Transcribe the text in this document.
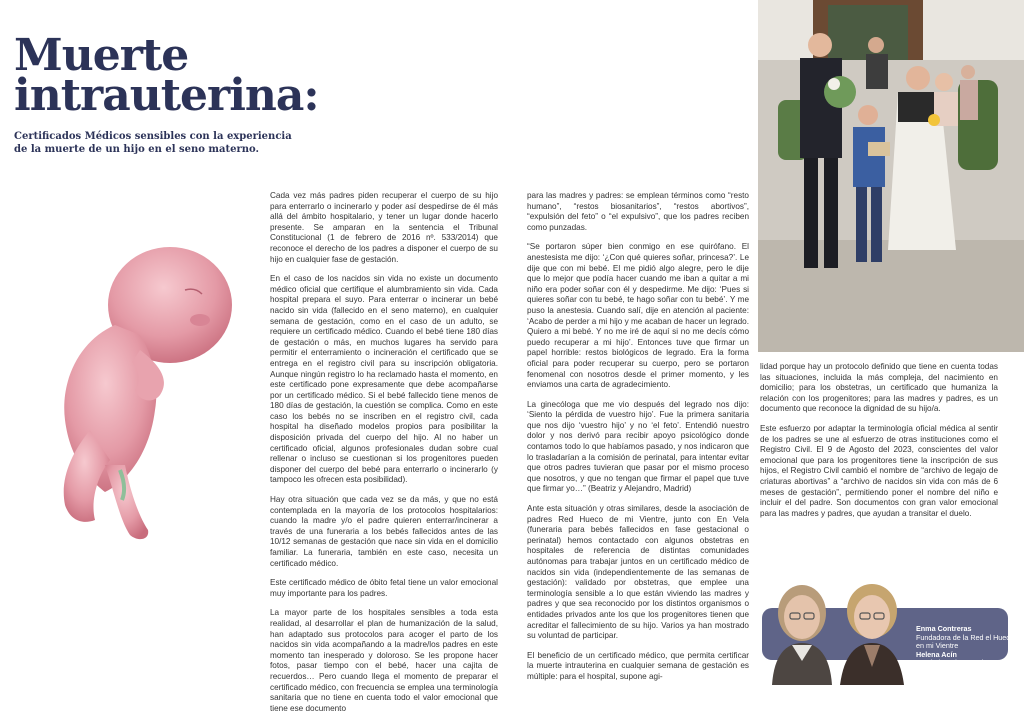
Muerte
intrauterina:

Certificados Médicos sensibles con la experiencia de la muerte de un hijo en el seno materno.

Cada vez más padres piden recuperar el cuerpo de su hijo para enterrarlo o incinerarlo y poder así despedirse de él más allá del ámbito hospitalario, y tener un lugar donde hacerlo presente. Se amparan en la sentencia el Tribunal Constitucional (1 de febrero de 2016 nº. 533/2014) que reconoce el derecho de los padres a disponer el cuerpo de su hijo en cualquier fase de gestación.

En el caso de los nacidos sin vida no existe un documento médico oficial que certifique el alumbramiento sin vida. Cada hospital prepara el suyo. Para enterrar o incinerar un bebé nacido sin vida (fallecido en el seno materno), en cualquier semana de gestación, como en el caso de un adulto, se requiere un certificado médico. Cuando el bebé tiene 180 días de gestación o más, en muchos lugares ha servido para permitir el enterramiento o incineración el certificado que se entrega en el registro civil para su inscripción obligatoria. Aunque ningún registro lo ha reclamado hasta el momento, en este certificado pone expresamente que debe acompañarse por un certificado médico. Si el bebé fallecido tiene menos de 180 días de gestación, la cuestión se complica. Como en este caso los bebés no se inscriben en el registro civil, cada hospital ha diseñado modelos propios para posibilitar la disposición privada del cuerpo del hijo. Al no haber un certificado oficial, algunos profesionales dudan sobre cual rellenar o incluso se cuestionan si los progenitores pueden disponer del cuerpo del bebé para enterrarlo o incinerarlo (y tampoco les ofrecen esta posibilidad).

Hay otra situación que cada vez se da más, y que no está contemplada en la mayoría de los protocolos hospitalarios: cuando la madre y/o el padre quieren enterrar/incinerar a través de una funeraria a los bebés fallecidos antes de las 10/12 semanas de gestación que nace sin vida en el domicilio familiar. La funeraria, también en este caso, necesita un certificado médico.

Este certificado médico de óbito fetal tiene un valor emocional muy importante para los padres.

La mayor parte de los hospitales sensibles a toda esta realidad, al desarrollar el plan de humanización de la salud, han adaptado sus protocolos para acoger el parto de los nacidos sin vida acompañando a la madre/los padres en este momento tan inesperado y doloroso. Se les propone hacer fotos, pasar tiempo con el bebé, hacer una cajita de recuerdos… Pero cuando llega el momento de preparar el certificado médico, con frecuencia se emplea una terminología sanitaria que no tiene en cuenta todo el valor emocional que tiene ese documento

para las madres y padres: se emplean términos como “resto humano”, “restos biosanitarios”, “restos abortivos”, “expulsión del feto” o “el expulsivo”, que los padres reciben como punzadas.

“Se portaron súper bien conmigo en ese quirófano. El anestesista me dijo: ‘¿Con qué quieres soñar, princesa?’. Le dije que con mi bebé. El me pidió algo alegre, pero le dije que lo mejor que podía hacer cuando me iban a quitar a mi niño era poder soñar con él y despedirme. Me dijo: ‘Pues si quieres soñar con tu bebé, te hago soñar con tu bebé’. Y me puso la anestesia. Cuando salí, dije en atención al paciente: ‘Acabo de perder a mi hijo y me acaban de hacer un legrado. Quiero a mi bebé. Y no me iré de aquí si no me decís cómo puedo recuperar a mi hijo’. Entonces tuve que firmar un papel horrible: restos biológicos de legrado. Era la forma oficial para poder recuperar su cuerpo, pero se portaron fenomenal con nosotros desde el primer momento, y les enviamos una carta de agradecimiento.

La ginecóloga que me vio después del legrado nos dijo: ‘Siento la pérdida de vuestro hijo’. Fue la primera sanitaria que nos dijo ‘vuestro hijo’ y no ‘el feto’. Entendió nuestro dolor y nos derivó para recibir apoyo psicológico donde contamos todo lo que habíamos pasado, y nos indicaron que lo trasladarían a la comisión de perinatal, para intentar evitar que otros padres tuvieran que pasar por el mismo proceso que nosotros, y que no tengan que firmar el papel que tuve que firmar yo…” (Beatriz y Alejandro, Madrid)

Ante esta situación y otras similares, desde la asociación de padres Red Hueco de mi Vientre, junto con En Vela (funeraria para bebés fallecidos en fase gestacional o perinatal) hemos contactado con algunos obstetras en hospitales de referencia de distintas comunidades autónomas para trabajar juntos en un certificado médico de nacidos sin vida (independientemente de las semanas de gestación): validado por obstetras, que emplee una terminología sensible a lo que están viviendo las madres y padres y que sea reconocido por los distintos organismos o entidades privados ante los que los progenitores tienen que acreditar el fallecimiento de su hijo. Varios ya han mostrado su voluntad de participar.

El beneficio de un certificado médico, que permita certificar la muerte intrauterina en cualquier semana de gestación es múltiple: para el hospital, supone agi-

lidad porque hay un protocolo definido que tiene en cuenta todas las situaciones, incluida la más compleja, del nacimiento en domicilio; para los obstetras, un certificado que humaniza la relación con los progenitores; para las madres y padres, es un documento que reconoce la dignidad de su hijo/a.

Este esfuerzo por adaptar la terminología oficial médica al sentir de los padres se une al esfuerzo de otras instituciones como el Registro Civil. El 9 de Agosto del 2023, conscientes del valor emocional que para los progenitores tiene la inscripción de sus hijos, el Registro Civil cambió el nombre de “archivo de legajo de criaturas abortivas” a “archivo de nacidos sin vida con más de 6 meses de gestación”, permitiendo poner el nombre del niño e incluir el del padre. Son documentos con gran valor emocional para las madres y padres, que ayudan a transitar el duelo.

Enma Contreras
Fundadora de la Red el Hueco en mi Vientre
Helena Acín
Fundadora de En Vela
